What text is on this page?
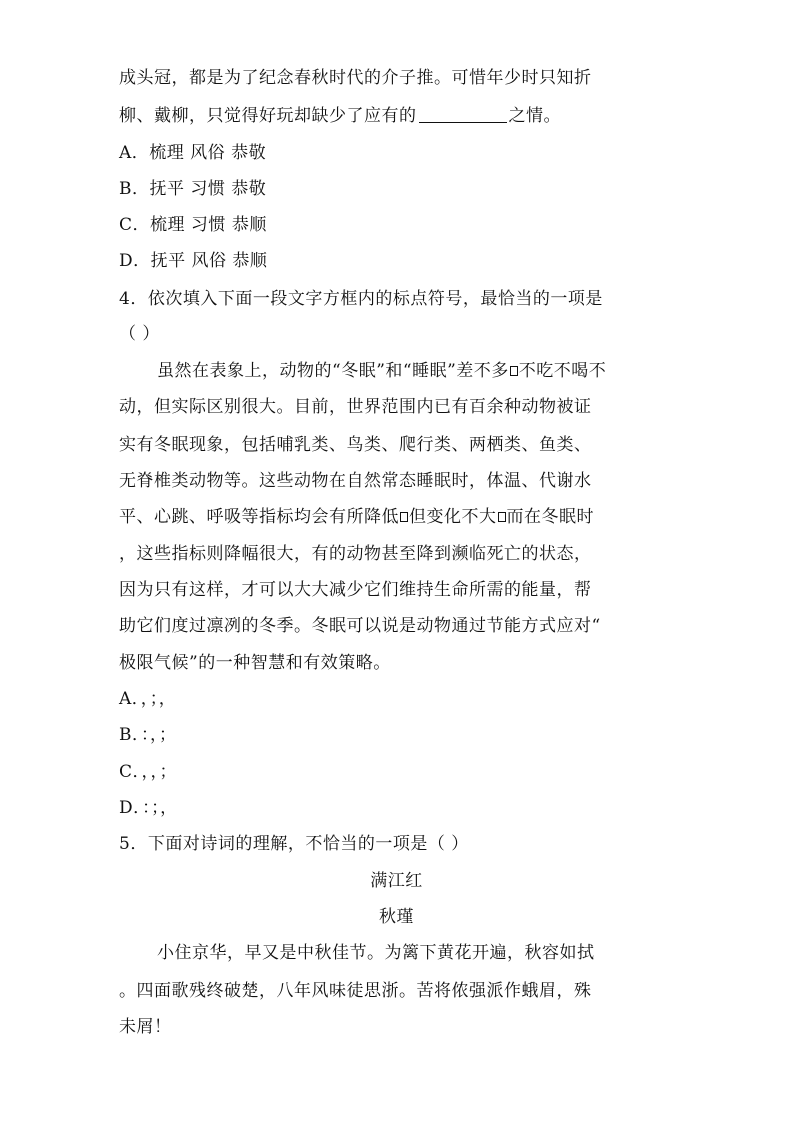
成头冠，都是为了纪念春秋时代的介子推。可惜年少时只知折
柳、戴柳，只觉得好玩却缺少了应有的	之情。
A．梳理 风俗 恭敬
B．抚平 习惯 恭敬
C．梳理 习惯 恭顺
D．抚平 风俗 恭顺
4．依次填入下面一段文字方框内的标点符号，最恰当的一项是
（ ）
虽然在表象上，动物的“冬眠”和“睡眠”差不多 不吃不喝不
动，但实际区别很大。目前，世界范围内已有百余种动物被证
实有冬眠现象，包括哺乳类、鸟类、爬行类、两栖类、鱼类、
无脊椎类动物等。这些动物在自然常态睡眠时，体温、代谢水
平、心跳、呼吸等指标均会有所降低 但变化不大 而在冬眠时
，这些指标则降幅很大，有的动物甚至降到濒临死亡的状态，
因为只有这样，才可以大大减少它们维持生命所需的能量，帮
助它们度过凛冽的冬季。冬眠可以说是动物通过节能方式应对“
极限气候”的一种智慧和有效策略。
A．，；，
B．：，；
C．，，；
D．：；，
5．下面对诗词的理解，不恰当的一项是（ ）
满江红
秋瑾
小住京华，早又是中秋佳节。为篱下黄花开遍，秋容如拭
。四面歌残终破楚，八年风味徒思浙。苦将侬强派作蛾眉，殊
未屑！
